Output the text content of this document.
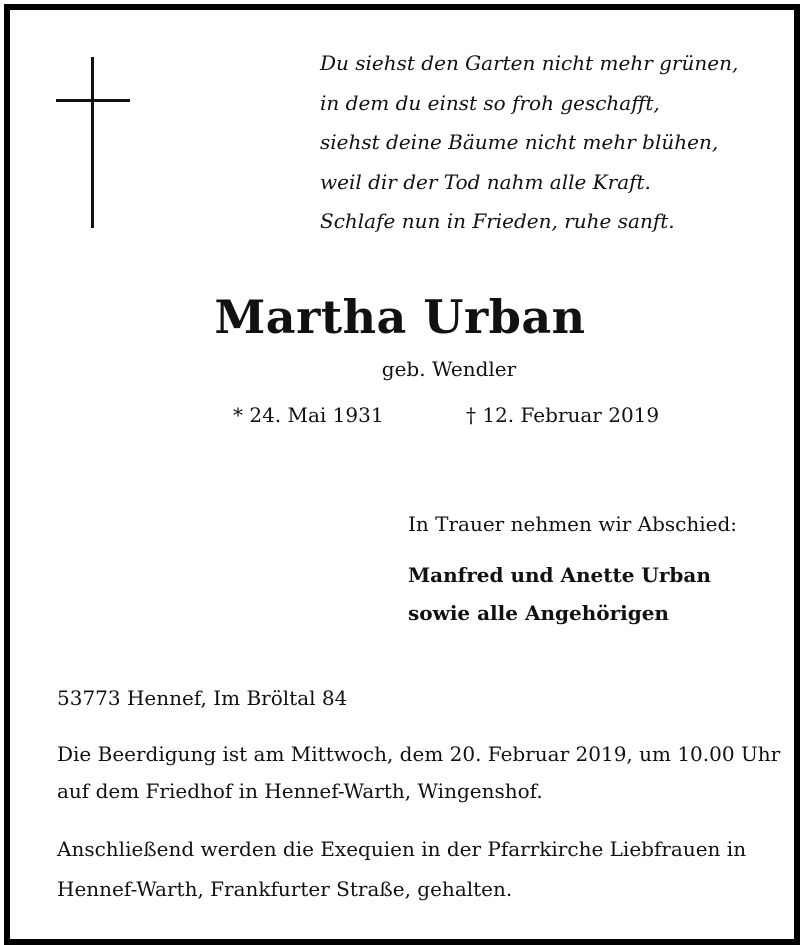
Du siehst den Garten nicht mehr grünen,
in dem du einst so froh geschafft,
siehst deine Bäume nicht mehr blühen,
weil dir der Tod nahm alle Kraft.
Schlafe nun in Frieden, ruhe sanft.
Martha Urban
geb. Wendler
* 24. Mai 1931	† 12. Februar 2019
In Trauer nehmen wir Abschied:
Manfred und Anette Urban
sowie alle Angehörigen
53773 Hennef, Im Bröltal 84
Die Beerdigung ist am Mittwoch, dem 20. Februar 2019, um 10.00 Uhr
auf dem Friedhof in Hennef-Warth, Wingenshof.
Anschließend werden die Exequien in der Pfarrkirche Liebfrauen in
Hennef-Warth, Frankfurter Straße, gehalten.
